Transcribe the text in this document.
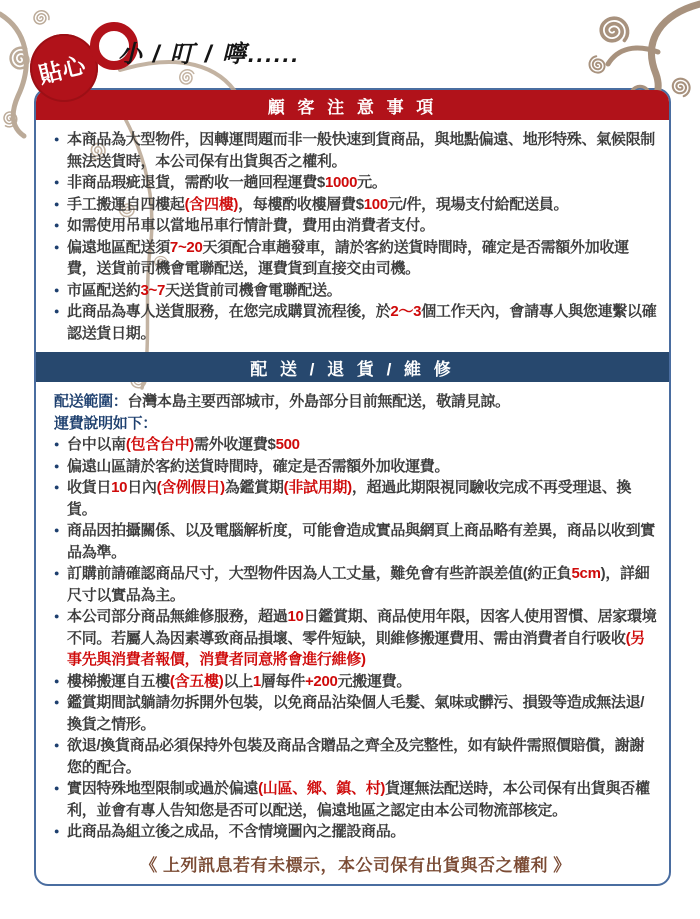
貼心 小 / 叮 / 嚀......
顧 客 注 意 事 項
● 本商品為大型物件，因轉運問題而非一般快速到貨商品，與地點偏遠、地形特殊、氣候限制無法送貨時，本公司保有出貨與否之權利。
● 非商品瑕疵退貨，需酌收一趟回程運費$1000元。
● 手工搬運自四樓起(含四樓)，每樓酌收樓層費$100元/件，現場支付給配送員。
● 如需使用吊車以當地吊車行情計費，費用由消費者支付。
● 偏遠地區配送須7~20天須配合車趟發車，請於客約送貨時間時，確定是否需額外加收運費，送貨前司機會電聯配送，運費貨到直接交由司機。
● 市區配送約3~7天送貨前司機會電聯配送。
● 此商品為專人送貨服務，在您完成購買流程後，於2～3個工作天內，會請專人與您連繫以確認送貨日期。
配 送 / 退 貨 / 維 修
配送範圍：台灣本島主要西部城市，外島部分目前無配送，敬請見諒。
運費說明如下：
● 台中以南(包含台中)需外收運費$500
● 偏遠山區請於客約送貨時間時，確定是否需額外加收運費。
● 收貨日10日內(含例假日)為鑑賞期(非試用期)，超過此期限視同驗收完成不再受理退、換貨。
● 商品因拍攝關係、以及電腦解析度，可能會造成實品與網頁上商品略有差異，商品以收到實品為準。
● 訂購前請確認商品尺寸，大型物件因為人工丈量，難免會有些許誤差值(約正負5cm)，詳細尺寸以實品為主。
● 本公司部分商品無維修服務，超過10日鑑賞期、商品使用年限，因客人使用習慣、居家環境不同。若屬人為因素導致商品損壞、零件短缺，則維修搬運費用、需由消費者自行吸收(另事先與消費者報價，消費者同意將會進行維修)
● 樓梯搬運自五樓(含五樓)以上1層每件+200元搬運費。
● 鑑賞期間試躺請勿拆開外包裝，以免商品沾染個人毛髮、氣味或髒污、損毀等造成無法退/換貨之情形。
● 欲退/換貨商品必須保持外包裝及商品含贈品之齊全及完整性，如有缺件需照價賠償，謝謝您的配合。
● 實因特殊地型限制或過於偏遠(山區、鄉、鎮、村)貨運無法配送時，本公司保有出貨與否權利，並會有專人告知您是否可以配送，偏遠地區之認定由本公司物流部核定。
● 此商品為組立後之成品，不含情境圖內之擺設商品。
《 上列訊息若有未標示，本公司保有出貨與否之權利 》
